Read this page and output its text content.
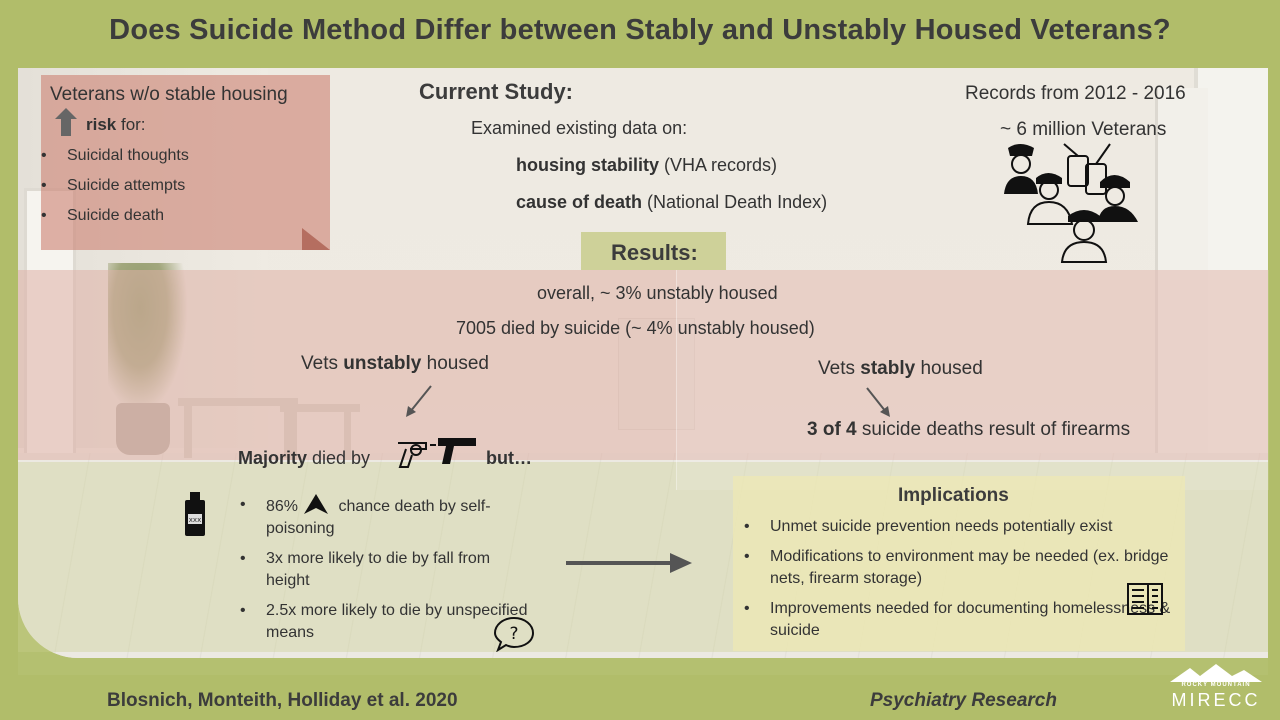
Does Suicide Method Differ between Stably and Unstably Housed Veterans?
Veterans w/o stable housing
risk for:
• Suicidal thoughts
• Suicide attempts
• Suicide death
Current Study:
Examined existing data on:
housing stability (VHA records)
cause of death (National Death Index)
Records from 2012 - 2016
~ 6 million Veterans
Results:
overall, ~ 3% unstably housed
7005 died by suicide (~ 4% unstably housed)
Vets unstably housed	Vets stably housed
3 of 4 suicide deaths result of firearms
Majority died by	but…
xxx
• 86% chance death by self-poisoning
• 3x more likely to die by fall from height
• 2.5x more likely to die by unspecified means	?
Implications
• Unmet suicide prevention needs potentially exist
• Modifications to environment may be needed (ex. bridge nets, firearm storage)
• Improvements needed for documenting homelessness & suicide
Blosnich, Monteith, Holliday et al. 2020	Psychiatry Research
ROCKY MOUNTAIN
MIRECC
